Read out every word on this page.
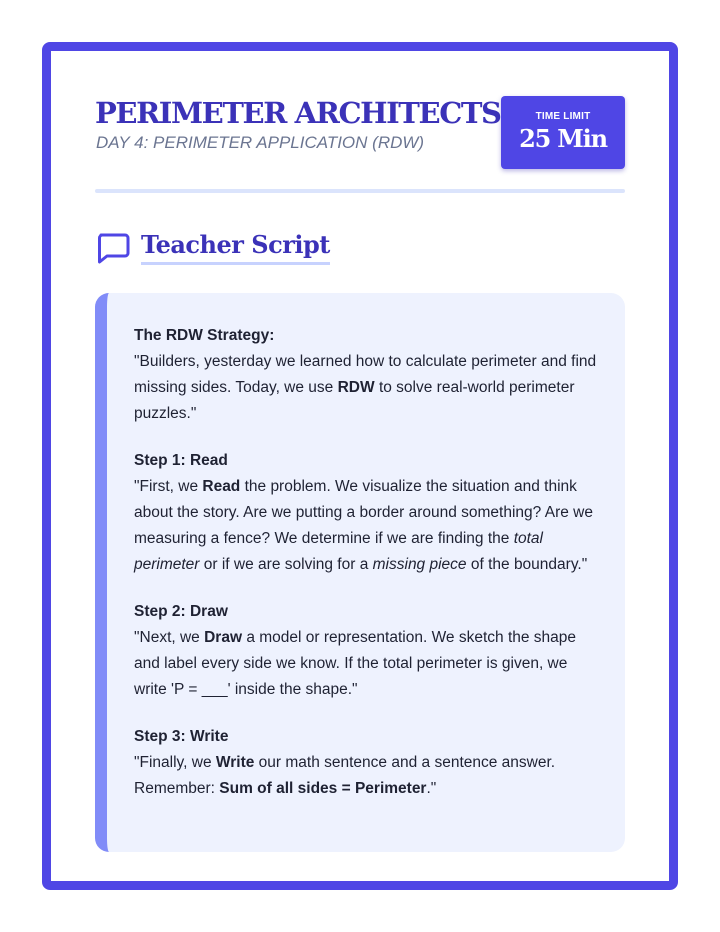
PERIMETER ARCHITECTS
DAY 4: PERIMETER APPLICATION (RDW)
TIME LIMIT
25 Min
Teacher Script

The RDW Strategy:

"Builders, yesterday we learned how to calculate perimeter and find missing sides. Today, we use RDW to solve real-world perimeter puzzles."

Step 1: Read

"First, we Read the problem. We visualize the situation and think about the story. Are we putting a border around something? Are we measuring a fence? We determine if we are finding the total perimeter or if we are solving for a missing piece of the boundary."

Step 2: Draw

"Next, we Draw a model or representation. We sketch the shape and label every side we know. If the total perimeter is given, we write 'P = ___' inside the shape."

Step 3: Write

"Finally, we Write our math sentence and a sentence answer. Remember: Sum of all sides = Perimeter."
